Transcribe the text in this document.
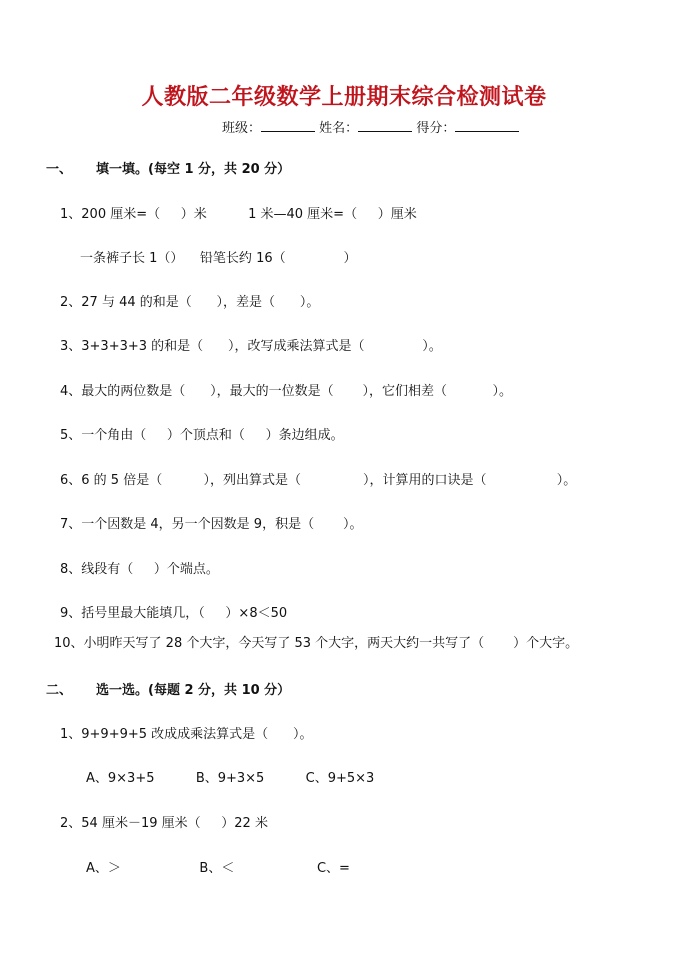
人教版二年级数学上册期末综合检测试卷
班级：	姓名：	得分：
一、 填一填。(每空 1 分，共 20 分）
1、200 厘米=（     ）米          1 米—40 厘米=（     ）厘米
一条裤子长 1（）    铅笔长约 16（              ）
2、27 与 44 的和是（      ），差是（      ）。
3、3+3+3+3 的和是（      ），改写成乘法算式是（              ）。
4、最大的两位数是（      ），最大的一位数是（       ），它们相差（           ）。
5、一个角由（     ）个顶点和（     ）条边组成。
6、6 的 5 倍是（          ），列出算式是（               ），计算用的口诀是（                 ）。
7、一个因数是 4，另一个因数是 9，积是（       ）。
8、线段有（     ）个端点。
9、括号里最大能填几，（     ）×8＜50
10、小明昨天写了 28 个大字，今天写了 53 个大字，两天大约一共写了（       ）个大字。
二、 选一选。(每题 2 分，共 10 分）
1、9+9+9+5 改成成乘法算式是（      ）。
A、9×3+5          B、9+3×5          C、9+5×3
2、54 厘米－19 厘米（     ）22 米
A、＞                   B、＜                    C、=
